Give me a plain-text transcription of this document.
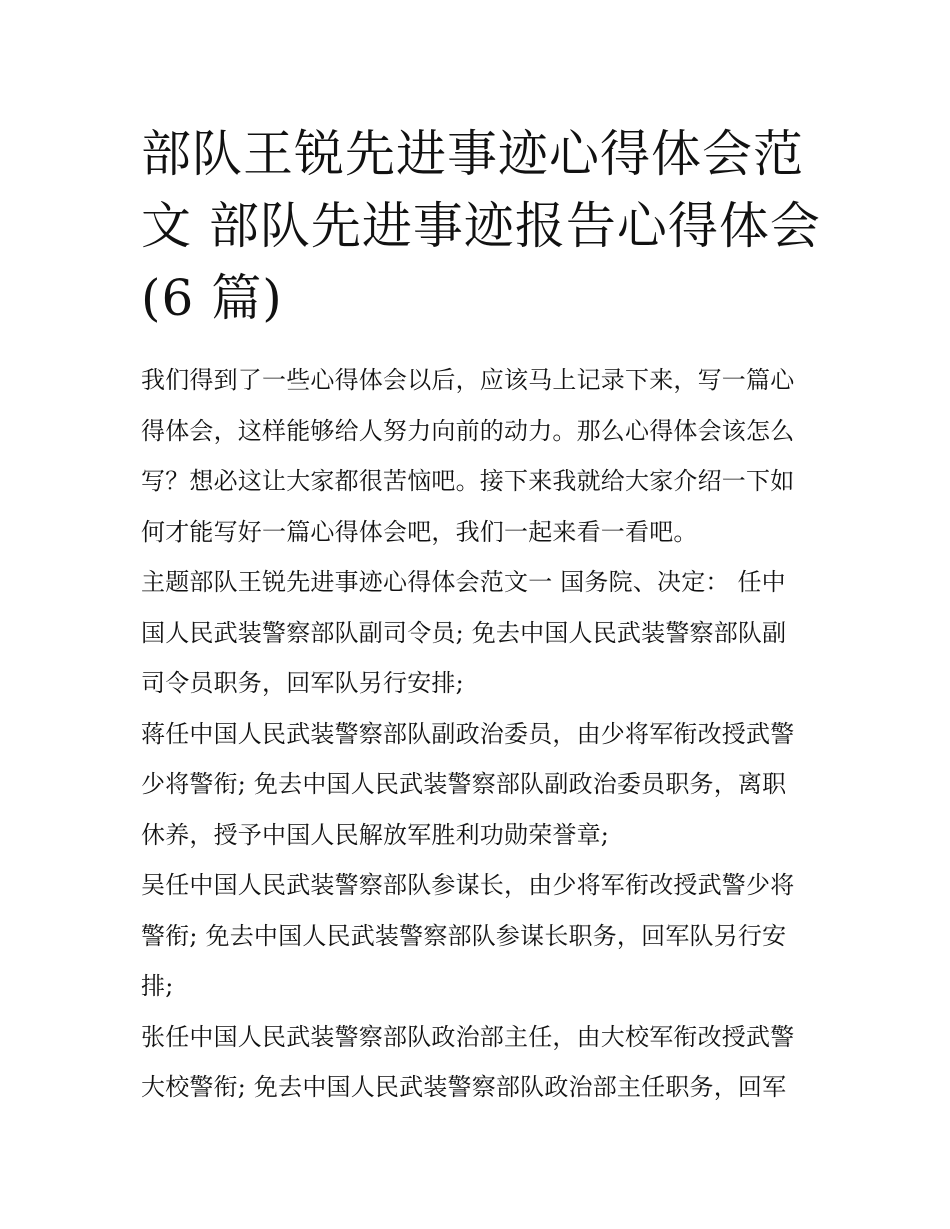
部队王锐先进事迹心得体会范
文 部队先进事迹报告心得体会
(6 篇)
我们得到了一些心得体会以后，应该马上记录下来，写一篇心
得体会，这样能够给人努力向前的动力。那么心得体会该怎么
写？想必这让大家都很苦恼吧。接下来我就给大家介绍一下如
何才能写好一篇心得体会吧，我们一起来看一看吧。
主题部队王锐先进事迹心得体会范文一 国务院、决定： 任中
国人民武装警察部队副司令员; 免去中国人民武装警察部队副
司令员职务，回军队另行安排;
蒋任中国人民武装警察部队副政治委员，由少将军衔改授武警
少将警衔; 免去中国人民武装警察部队副政治委员职务，离职
休养，授予中国人民解放军胜利功勋荣誉章;
吴任中国人民武装警察部队参谋长，由少将军衔改授武警少将
警衔; 免去中国人民武装警察部队参谋长职务，回军队另行安
排;
张任中国人民武装警察部队政治部主任，由大校军衔改授武警
大校警衔; 免去中国人民武装警察部队政治部主任职务，回军
